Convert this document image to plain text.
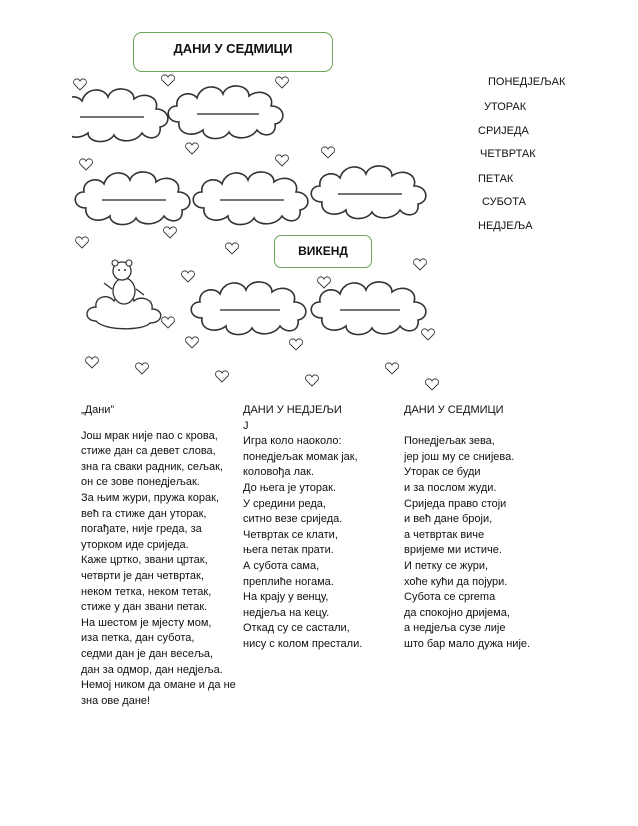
ДАНИ У СЕДМИЦИ
ВИКЕНД
ПОНЕДЈЕЉАК
УТОРАК
СРИЈЕДА
ЧЕТВРТАК
ПЕТАК
СУБОТА
НЕДЈЕЉА
„Дани”
Још мрак није пао с крова,
стиже дан са девет слова,
зна га сваки радник, сељак,
он се зове понедјељак.
За њим жури, пружа корак,
већ га стиже дан уторак,
погађате, није греда, за
уторком иде сриједа.
Каже цртко, звани цртак,
четврти је дан четвртак,
неком тетка, неком тетак,
стиже у дан звани петак.
На шестом је мјесту мом,
иза петка, дан субота,
седми дан је дан весеља,
дан за одмор, дан недјеља.
Немој ником да омане и да не
зна ове дане!
ДАНИ У НЕДЈЕЉИ
Ј
Игра коло наоколо:
понедјељак момак јак,
коловођа лак.
До њега је уторак.
У средини реда,
ситно везе сриједа.
Четвртак се клати,
њега петак прати.
А субота сама,
преплиће ногама.
На крају у венцу,
недјеља на кецу.
Откад су се састали,
нису с колом престали.
ДАНИ У СЕДМИЦИ
Понедјељак зева,
јер још му се снијева.
Уторак се буди
и за послом жуди.
Сриједа право стоји
и већ дане броји,
а четвртак виче
вријеме ми истиче.
И петку се жури,
хоће кући да појури.
Субота се сprema
да спокојно дријема,
а недјеља сузе лије
што бар мало дужа није.
